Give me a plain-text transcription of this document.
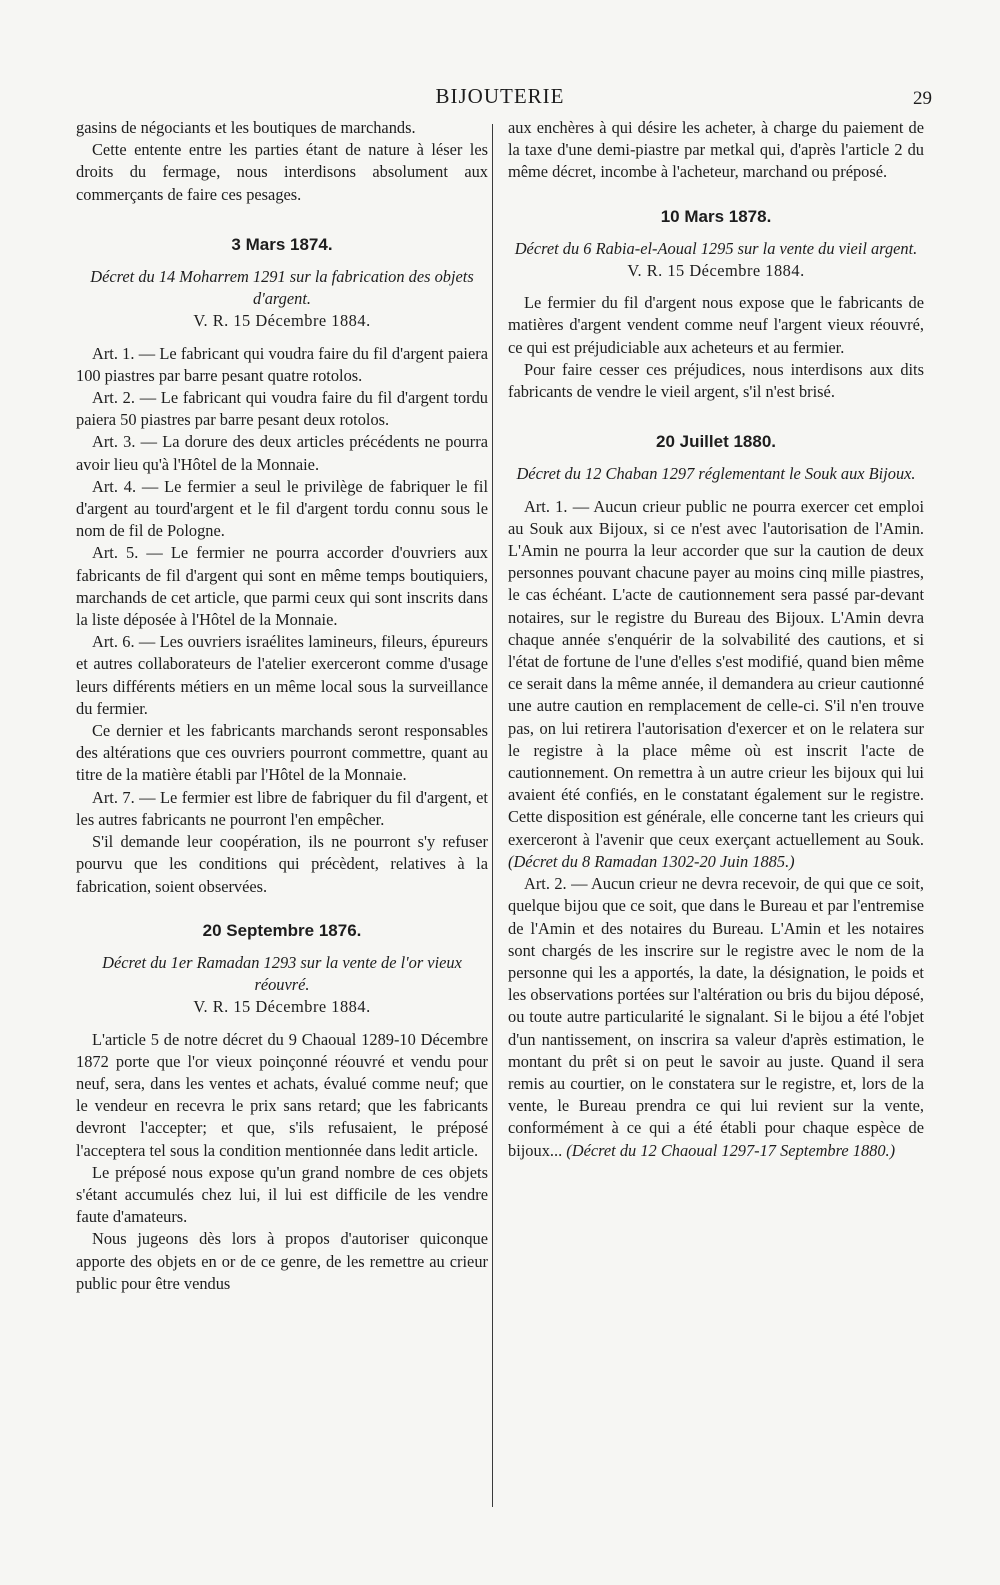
BIJOUTERIE	29

gasins de négociants et les boutiques de marchands.

Cette entente entre les parties étant de nature à léser les droits du fermage, nous interdisons absolument aux commerçants de faire ces pesages.

3 Mars 1874.

Décret du 14 Moharrem 1291 sur la fabrication des objets d'argent.

V. R. 15 Décembre 1884.

Art. 1. — Le fabricant qui voudra faire du fil d'argent paiera 100 piastres par barre pesant quatre rotolos.

Art. 2. — Le fabricant qui voudra faire du fil d'argent tordu paiera 50 piastres par barre pesant deux rotolos.

Art. 3. — La dorure des deux articles précédents ne pourra avoir lieu qu'à l'Hôtel de la Monnaie.

Art. 4. — Le fermier a seul le privilège de fabriquer le fil d'argent au tourd'argent et le fil d'argent tordu connu sous le nom de fil de Pologne.

Art. 5. — Le fermier ne pourra accorder d'ouvriers aux fabricants de fil d'argent qui sont en même temps boutiquiers, marchands de cet article, que parmi ceux qui sont inscrits dans la liste déposée à l'Hôtel de la Monnaie.

Art. 6. — Les ouvriers israélites lamineurs, fileurs, épureurs et autres collaborateurs de l'atelier exerceront comme d'usage leurs différents métiers en un même local sous la surveillance du fermier.

Ce dernier et les fabricants marchands seront responsables des altérations que ces ouvriers pourront commettre, quant au titre de la matière établi par l'Hôtel de la Monnaie.

Art. 7. — Le fermier est libre de fabriquer du fil d'argent, et les autres fabricants ne pourront l'en empêcher.

S'il demande leur coopération, ils ne pourront s'y refuser pourvu que les conditions qui précèdent, relatives à la fabrication, soient observées.

20 Septembre 1876.

Décret du 1er Ramadan 1293 sur la vente de l'or vieux réouvré.

V. R. 15 Décembre 1884.

L'article 5 de notre décret du 9 Chaoual 1289-10 Décembre 1872 porte que l'or vieux poinçonné réouvré et vendu pour neuf, sera, dans les ventes et achats, évalué comme neuf; que le vendeur en recevra le prix sans retard; que les fabricants devront l'accepter; et que, s'ils refusaient, le préposé l'accepterа tel sous la condition mentionnée dans ledit article.

Le préposé nous expose qu'un grand nombre de ces objets s'étant accumulés chez lui, il lui est difficile de les vendre faute d'amateurs.

Nous jugeons dès lors à propos d'autoriser quiconque apporte des objets en or de ce genre, de les remettre au crieur public pour être vendus

aux enchères à qui désire les acheter, à charge du paiement de la taxe d'une demi-piastre par metkal qui, d'après l'article 2 du même décret, incombe à l'acheteur, marchand ou préposé.

10 Mars 1878.

Décret du 6 Rabia-el-Aoual 1295 sur la vente du vieil argent.

V. R. 15 Décembre 1884.

Le fermier du fil d'argent nous expose que le fabricants de matières d'argent vendent comme neuf l'argent vieux réouvré, ce qui est préjudiciable aux acheteurs et au fermier.

Pour faire cesser ces préjudices, nous interdisons aux dits fabricants de vendre le vieil argent, s'il n'est brisé.

20 Juillet 1880.

Décret du 12 Chaban 1297 réglementant le Souk aux Bijoux.

Art. 1. — Aucun crieur public ne pourra exercer cet emploi au Souk aux Bijoux, si ce n'est avec l'autorisation de l'Amin. L'Amin ne pourra la leur accorder que sur la caution de deux personnes pouvant chacune payer au moins cinq mille piastres, le cas échéant. L'acte de cautionnement sera passé par-devant notaires, sur le registre du Bureau des Bijoux. L'Amin devra chaque année s'enquérir de la solvabilité des cautions, et si l'état de fortune de l'une d'elles s'est modifié, quand bien même ce serait dans la même année, il demandera au crieur cautionné une autre caution en remplacement de celle-ci. S'il n'en trouve pas, on lui retirera l'autorisation d'exercer et on le relatera sur le registre à la place même où est inscrit l'acte de cautionnement. On remettra à un autre crieur les bijoux qui lui avaient été confiés, en le constatant également sur le registre. Cette disposition est générale, elle concerne tant les crieurs qui exerceront à l'avenir que ceux exerçant actuellement au Souk. (Décret du 8 Ramadan 1302-20 Juin 1885.)

Art. 2. — Aucun crieur ne devra recevoir, de qui que ce soit, quelque bijou que ce soit, que dans le Bureau et par l'entremise de l'Amin et des notaires du Bureau. L'Amin et les notaires sont chargés de les inscrire sur le registre avec le nom de la personne qui les a apportés, la date, la désignation, le poids et les observations portées sur l'altération ou bris du bijou déposé, ou toute autre particularité le signalant. Si le bijou a été l'objet d'un nantissement, on inscrira sa valeur d'après estimation, le montant du prêt si on peut le savoir au juste. Quand il sera remis au courtier, on le constatera sur le registre, et, lors de la vente, le Bureau prendra ce qui lui revient sur la vente, conformément à ce qui a été établi pour chaque espèce de bijoux... (Décret du 12 Chaoual 1297-17 Septembre 1880.)
